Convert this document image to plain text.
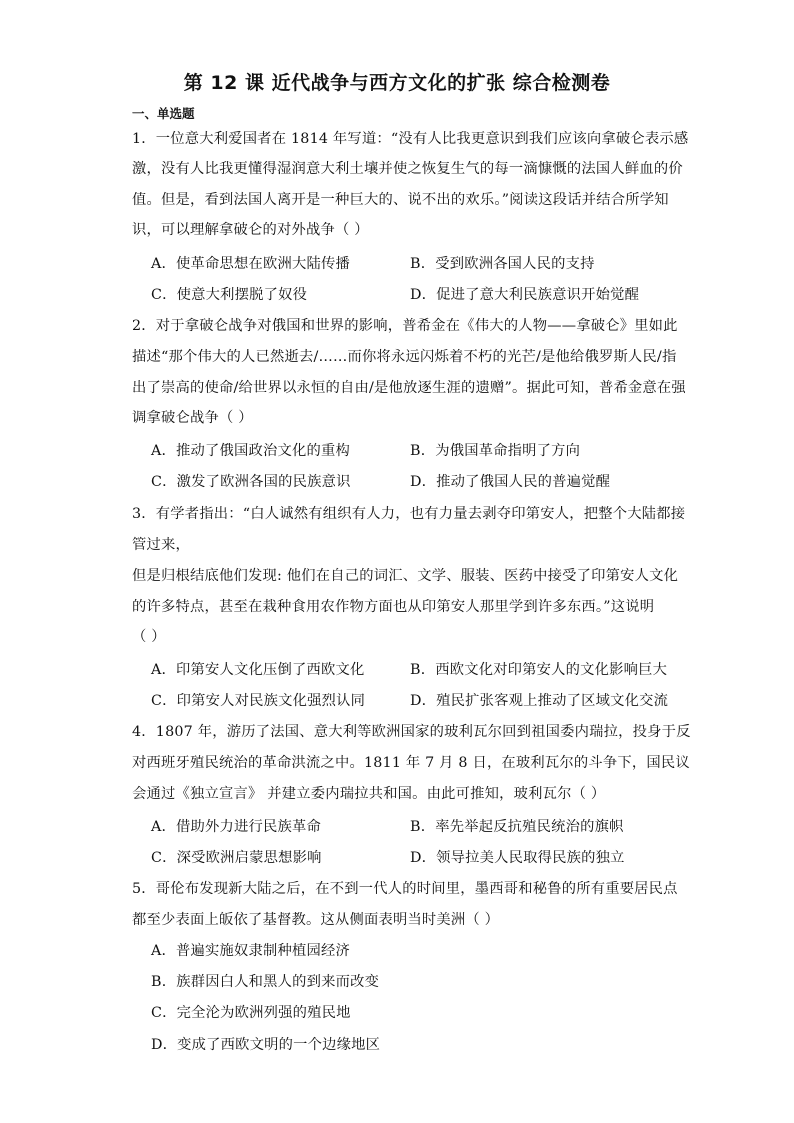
第 12 课 近代战争与西方文化的扩张 综合检测卷
一、单选题
1．一位意大利爱国者在 1814 年写道：“没有人比我更意识到我们应该向拿破仑表示感
激，没有人比我更懂得湿润意大利土壤并使之恢复生气的每一滴慷慨的法国人鲜血的价
值。但是，看到法国人离开是一种巨大的、说不出的欢乐。”阅读这段话并结合所学知
识，可以理解拿破仑的对外战争（ ）
A．使革命思想在欧洲大陆传播	B．受到欧洲各国人民的支持
C．使意大利摆脱了奴役	D．促进了意大利民族意识开始觉醒
2．对于拿破仑战争对俄国和世界的影响，普希金在《伟大的人物——拿破仑》里如此
描述“那个伟大的人已然逝去/……而你将永远闪烁着不朽的光芒/是他给俄罗斯人民/指
出了崇高的使命/给世界以永恒的自由/是他放逐生涯的遗赠”。据此可知，普希金意在强
调拿破仑战争（ ）
A．推动了俄国政治文化的重构	B．为俄国革命指明了方向
C．激发了欧洲各国的民族意识	D．推动了俄国人民的普遍觉醒
3．有学者指出：“白人诚然有组织有人力，也有力量去剥夺印第安人，把整个大陆都接
管过来，
但是归根结底他们发现: 他们在自己的词汇、文学、服装、医药中接受了印第安人文化
的许多特点，甚至在栽种食用农作物方面也从印第安人那里学到许多东西。”这说明
（ ）
A．印第安人文化压倒了西欧文化	B．西欧文化对印第安人的文化影响巨大
C．印第安人对民族文化强烈认同	D．殖民扩张客观上推动了区域文化交流
4．1807 年，游历了法国、意大利等欧洲国家的玻利瓦尔回到祖国委内瑞拉，投身于反
对西班牙殖民统治的革命洪流之中。1811 年 7 月 8 日，在玻利瓦尔的斗争下，国民议
会通过《独立宣言》 并建立委内瑞拉共和国。由此可推知，玻利瓦尔（ ）
A．借助外力进行民族革命	B．率先举起反抗殖民统治的旗帜
C．深受欧洲启蒙思想影响	D．领导拉美人民取得民族的独立
5．哥伦布发现新大陆之后，在不到一代人的时间里，墨西哥和秘鲁的所有重要居民点
都至少表面上皈依了基督教。这从侧面表明当时美洲（ ）
A．普遍实施奴隶制种植园经济
B．族群因白人和黑人的到来而改变
C．完全沦为欧洲列强的殖民地
D．变成了西欧文明的一个边缘地区
